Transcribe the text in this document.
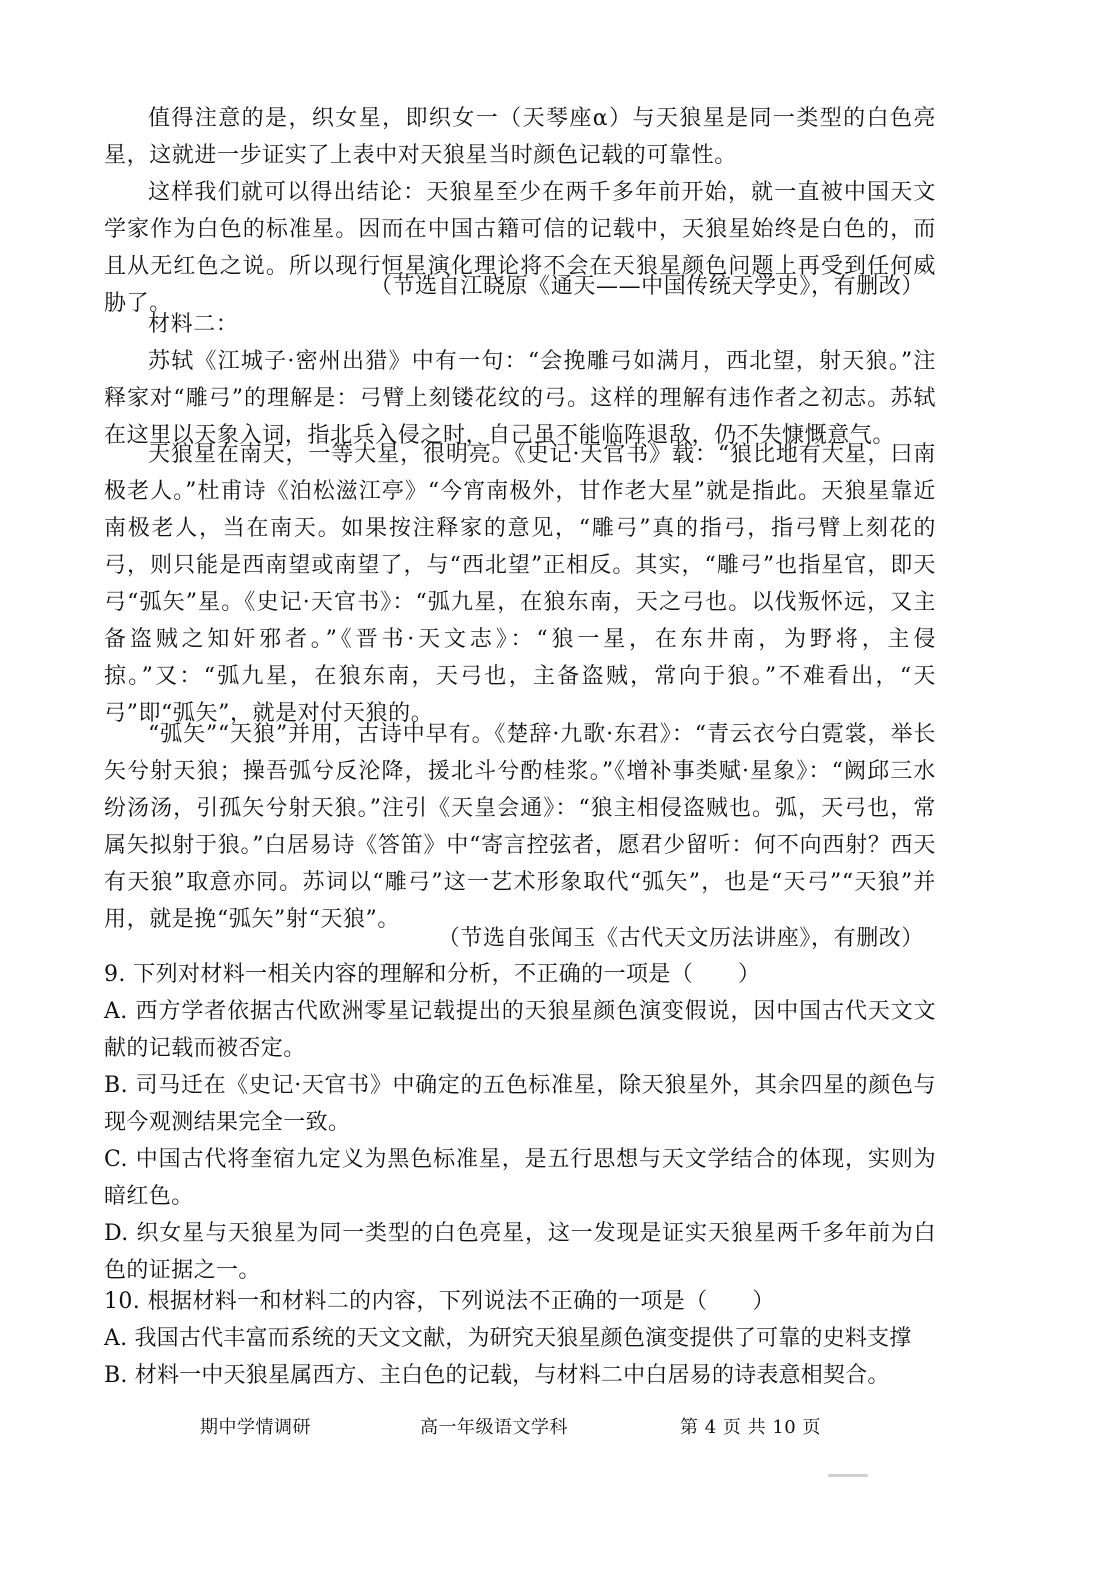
值得注意的是，织女星，即织女一（天琴座α）与天狼星是同一类型的白色亮星，这就进一步证实了上表中对天狼星当时颜色记载的可靠性。

这样我们就可以得出结论：天狼星至少在两千多年前开始，就一直被中国天文学家作为白色的标准星。因而在中国古籍可信的记载中，天狼星始终是白色的，而且从无红色之说。所以现行恒星演化理论将不会在天狼星颜色问题上再受到任何威胁了。

（节选自江晓原《通天——中国传统天学史》，有删改）
材料二：

苏轼《江城子·密州出猎》中有一句：“会挽雕弓如满月，西北望，射天狼。”注释家对“雕弓”的理解是：弓臂上刻镂花纹的弓。这样的理解有违作者之初志。苏轼在这里以天象入词，指北兵入侵之时，自己虽不能临阵退敌，仍不失慷慨意气。

天狼星在南天，一等大星，很明亮。《史记·天官书》载：“狼比地有大星，曰南极老人。”杜甫诗《泊松滋江亭》“今宵南极外，甘作老大星”就是指此。天狼星靠近南极老人，当在南天。如果按注释家的意见，“雕弓”真的指弓，指弓臂上刻花的弓，则只能是西南望或南望了，与“西北望”正相反。其实，“雕弓”也指星官，即天弓“弧矢”星。《史记·天官书》：“弧九星，在狼东南，天之弓也。以伐叛怀远，又主备盗贼之知奸邪者。”《晋书·天文志》：“狼一星，在东井南，为野将，主侵掠。”又：“弧九星，在狼东南，天弓也，主备盗贼，常向于狼。”不难看出，“天弓”即“弧矢”，就是对付天狼的。

“弧矢”“天狼”并用，古诗中早有。《楚辞·九歌·东君》：“青云衣兮白霓裳，举长矢兮射天狼；操吾弧兮反沦降，援北斗兮酌桂浆。”《增补事类赋·星象》：“阙邱三水纷汤汤，引孤矢兮射天狼。”注引《天皇会通》：“狼主相侵盗贼也。弧，天弓也，常属矢拟射于狼。”白居易诗《答笛》中“寄言控弦者，愿君少留听：何不向西射？西天有天狼”取意亦同。苏词以“雕弓”这一艺术形象取代“弧矢”，也是“天弓”“天狼”并用，就是挽“弧矢”射“天狼”。

（节选自张闻玉《古代天文历法讲座》，有删改）
9. 下列对材料一相关内容的理解和分析，不正确的一项是（　　）
A. 西方学者依据古代欧洲零星记载提出的天狼星颜色演变假说，因中国古代天文文献的记载而被否定。
B. 司马迁在《史记·天官书》中确定的五色标准星，除天狼星外，其余四星的颜色与现今观测结果完全一致。
C. 中国古代将奎宿九定义为黑色标准星，是五行思想与天文学结合的体现，实则为暗红色。
D. 织女星与天狼星为同一类型的白色亮星，这一发现是证实天狼星两千多年前为白色的证据之一。
10. 根据材料一和材料二的内容，下列说法不正确的一项是（　　）
A. 我国古代丰富而系统的天文文献，为研究天狼星颜色演变提供了可靠的史料支撑
B. 材料一中天狼星属西方、主白色的记载，与材料二中白居易的诗表意相契合。
期中学情调研	高一年级语文学科	第 4 页 共 10 页
